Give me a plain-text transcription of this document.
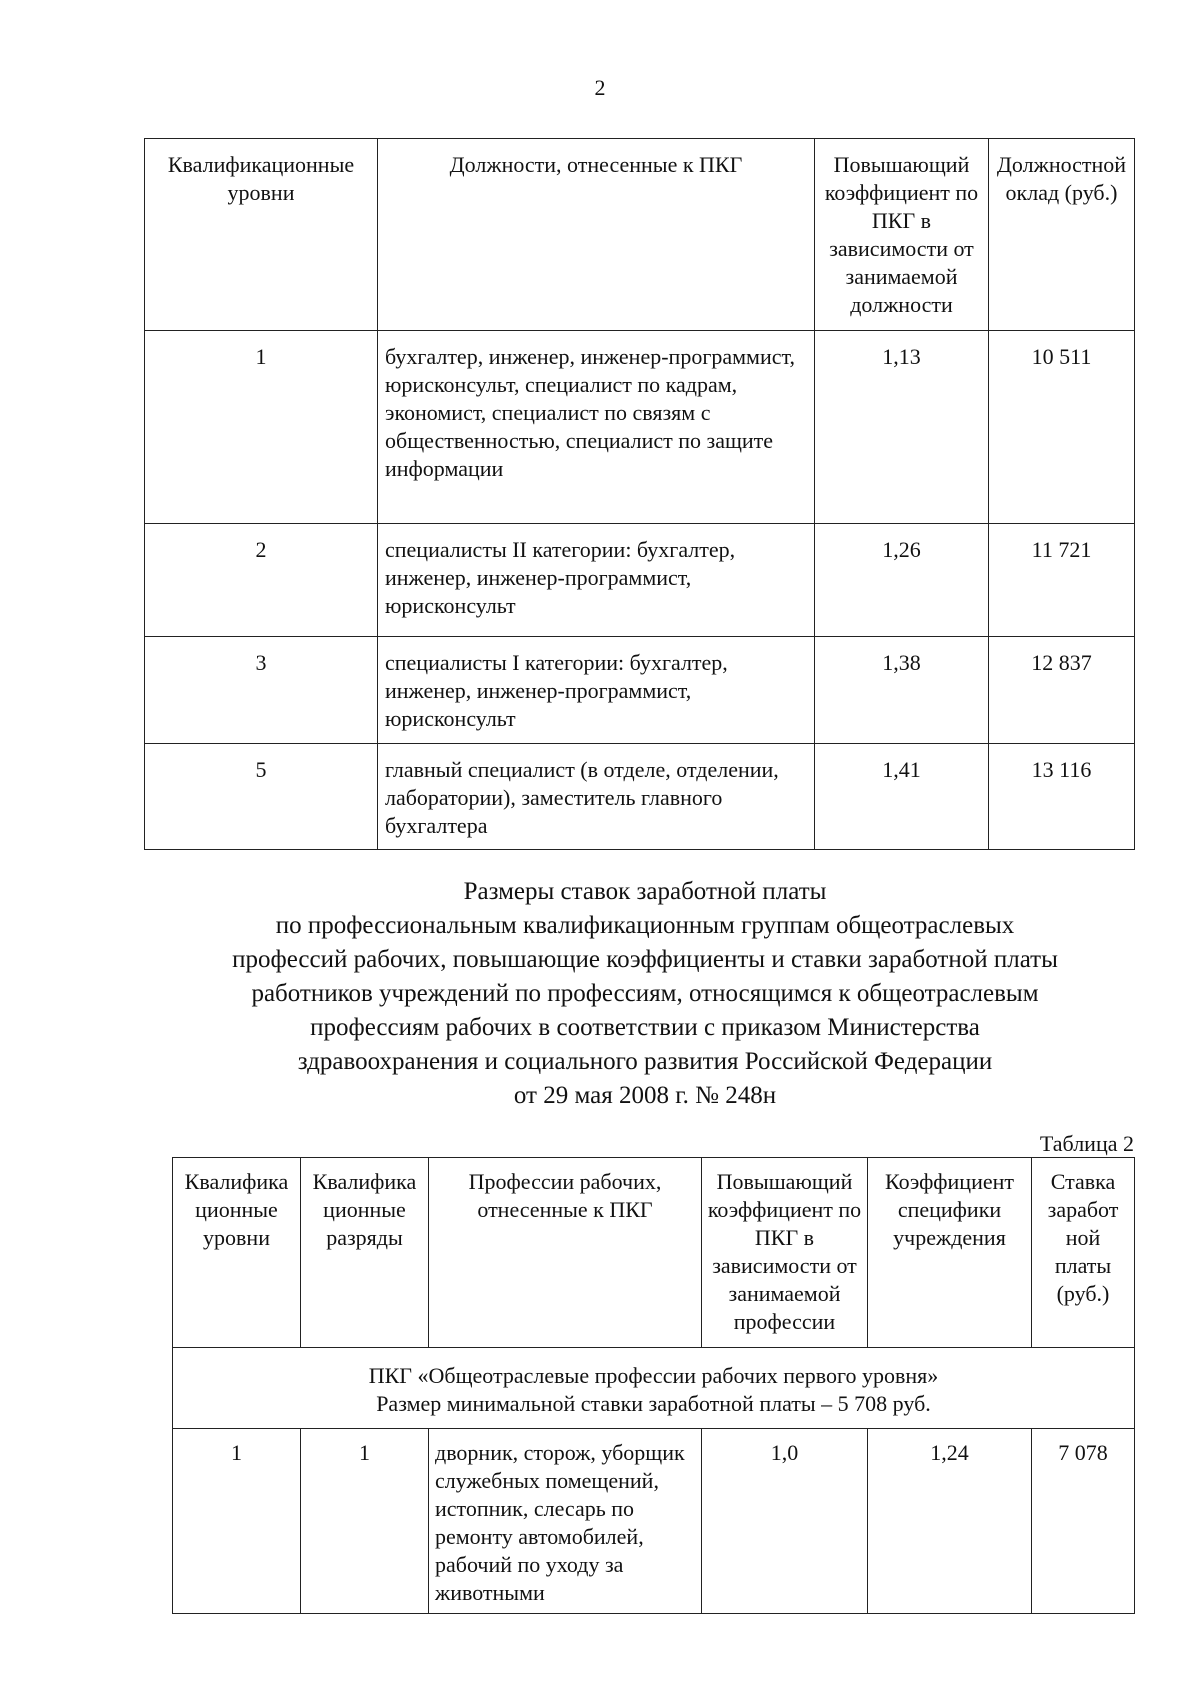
2
Квалификационные уровни	Должности, отнесенные к ПКГ	Повышающий коэффициент по ПКГ в зависимости от занимаемой должности	Должностной оклад (руб.)
1	бухгалтер, инженер, инженер-программист, юрисконсульт, специалист по кадрам, экономист, специалист по связям с общественностью, специалист по защите информации	1,13	10 511
2	специалисты II категории: бухгалтер, инженер, инженер-программист, юрисконсульт	1,26	11 721
3	специалисты I категории: бухгалтер, инженер, инженер-программист, юрисконсульт	1,38	12 837
5	главный специалист (в отделе, отделении, лаборатории), заместитель главного бухгалтера	1,41	13 116
Размеры ставок заработной платы
по профессиональным квалификационным группам общеотраслевых
профессий рабочих, повышающие коэффициенты и ставки заработной платы
работников учреждений по профессиям, относящимся к общеотраслевым
профессиям рабочих в соответствии с приказом Министерства
здравоохранения и социального развития Российской Федерации
от 29 мая 2008 г. № 248н
Таблица 2
Квалифика ционные уровни	Квалифика ционные разряды	Профессии рабочих, отнесенные к ПКГ	Повышающий коэффициент по ПКГ в зависимости от занимаемой профессии	Коэффициент специфики учреждения	Ставка заработ ной платы (руб.)

ПКГ «Общеотраслевые профессии рабочих первого уровня»
Размер минимальной ставки заработной платы – 5 708 руб.					

1	1	дворник, сторож, уборщик служебных помещений, истопник, слесарь по ремонту автомобилей, рабочий по уходу за животными	1,0	1,24	7 078
